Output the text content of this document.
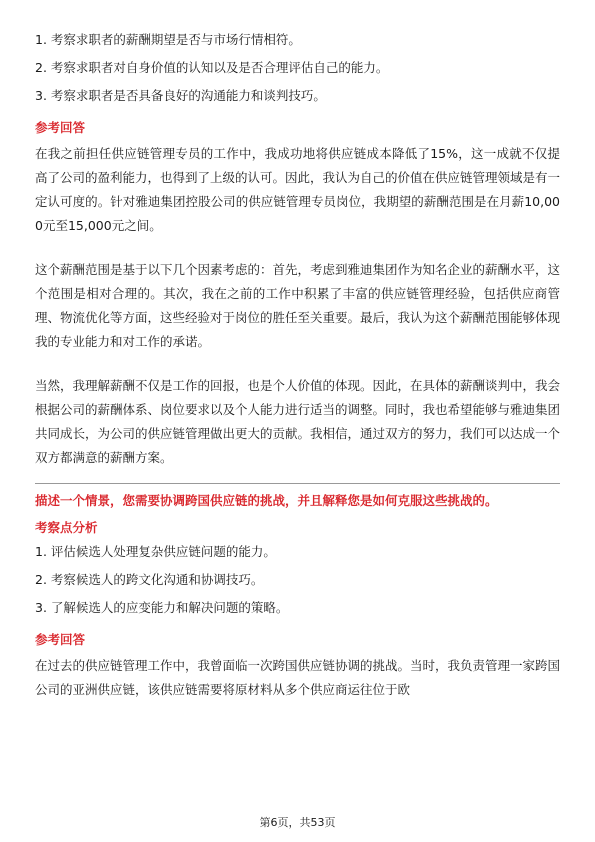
1. 考察求职者的薪酬期望是否与市场行情相符。
2. 考察求职者对自身价值的认知以及是否合理评估自己的能力。
3. 考察求职者是否具备良好的沟通能力和谈判技巧。
参考回答

在我之前担任供应链管理专员的工作中，我成功地将供应链成本降低了15%，这一成就不仅提高了公司的盈利能力，也得到了上级的认可。因此，我认为自己的价值在供应链管理领域是有一定认可度的。针对雅迪集团控股公司的供应链管理专员岗位，我期望的薪酬范围是在月薪10,000元至15,000元之间。

这个薪酬范围是基于以下几个因素考虑的：首先，考虑到雅迪集团作为知名企业的薪酬水平，这个范围是相对合理的。其次，我在之前的工作中积累了丰富的供应链管理经验，包括供应商管理、物流优化等方面，这些经验对于岗位的胜任至关重要。最后，我认为这个薪酬范围能够体现我的专业能力和对工作的承诺。

当然，我理解薪酬不仅是工作的回报，也是个人价值的体现。因此，在具体的薪酬谈判中，我会根据公司的薪酬体系、岗位要求以及个人能力进行适当的调整。同时，我也希望能够与雅迪集团共同成长，为公司的供应链管理做出更大的贡献。我相信，通过双方的努力，我们可以达成一个双方都满意的薪酬方案。

描述一个情景，您需要协调跨国供应链的挑战，并且解释您是如何克服这些挑战的。
考察点分析
1. 评估候选人处理复杂供应链问题的能力。
2. 考察候选人的跨文化沟通和协调技巧。
3. 了解候选人的应变能力和解决问题的策略。
参考回答

在过去的供应链管理工作中，我曾面临一次跨国供应链协调的挑战。当时，我负责管理一家跨国公司的亚洲供应链，该供应链需要将原材料从多个供应商运往位于欧

第6页，共53页
